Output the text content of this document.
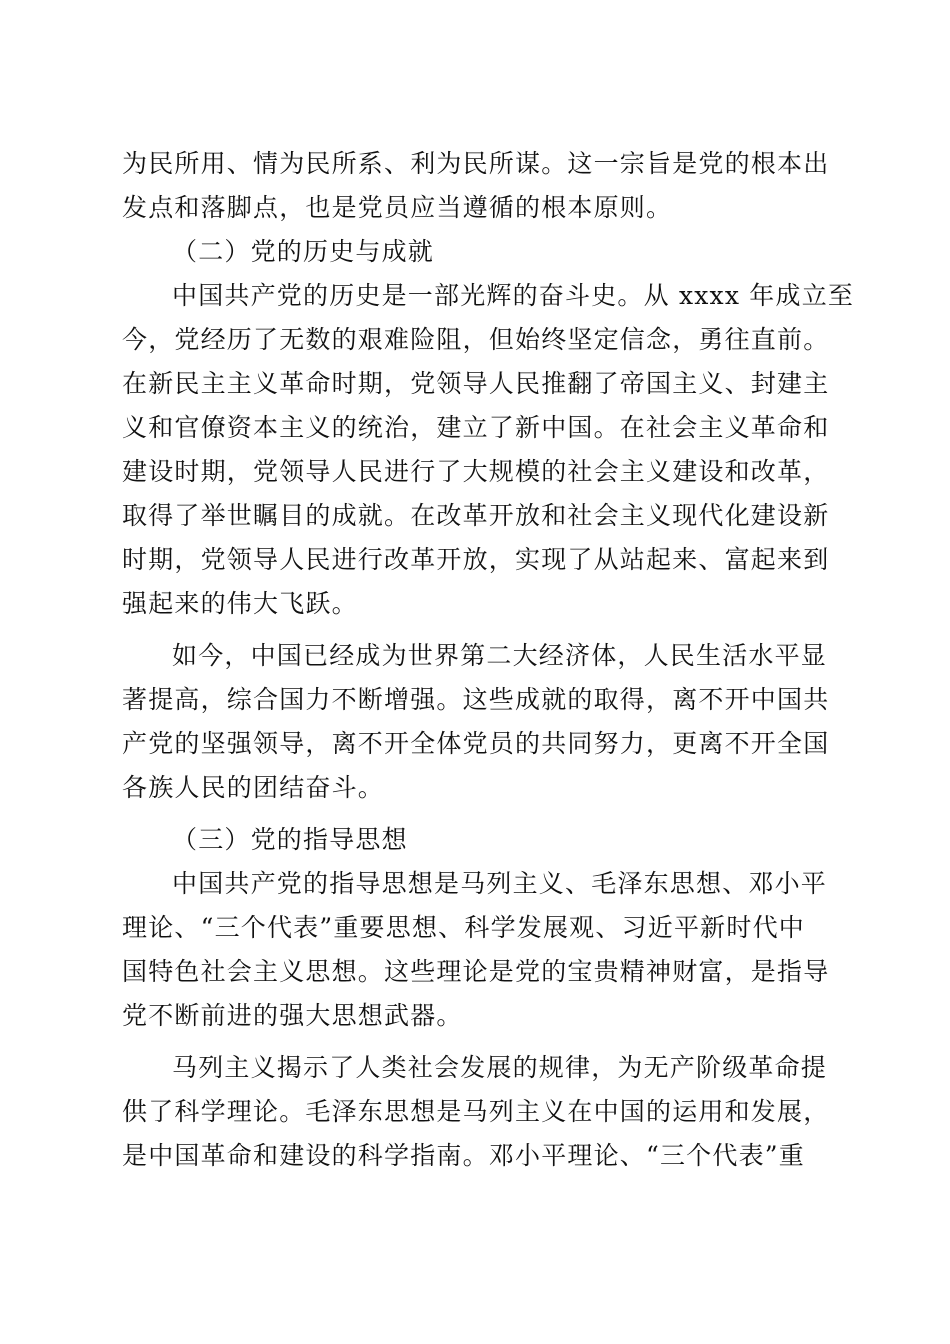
为民所用、情为民所系、利为民所谋。这一宗旨是党的根本出
发点和落脚点，也是党员应当遵循的根本原则。
（二）党的历史与成就
中国共产党的历史是一部光辉的奋斗史。从 xxxx 年成立至
今，党经历了无数的艰难险阻，但始终坚定信念，勇往直前。
在新民主主义革命时期，党领导人民推翻了帝国主义、封建主
义和官僚资本主义的统治，建立了新中国。在社会主义革命和
建设时期，党领导人民进行了大规模的社会主义建设和改革，
取得了举世瞩目的成就。在改革开放和社会主义现代化建设新
时期，党领导人民进行改革开放，实现了从站起来、富起来到
强起来的伟大飞跃。
如今，中国已经成为世界第二大经济体，人民生活水平显
著提高，综合国力不断增强。这些成就的取得，离不开中国共
产党的坚强领导，离不开全体党员的共同努力，更离不开全国
各族人民的团结奋斗。
（三）党的指导思想
中国共产党的指导思想是马列主义、毛泽东思想、邓小平
理论、“三个代表”重要思想、科学发展观、习近平新时代中
国特色社会主义思想。这些理论是党的宝贵精神财富，是指导
党不断前进的强大思想武器。
马列主义揭示了人类社会发展的规律，为无产阶级革命提
供了科学理论。毛泽东思想是马列主义在中国的运用和发展，
是中国革命和建设的科学指南。邓小平理论、“三个代表”重
